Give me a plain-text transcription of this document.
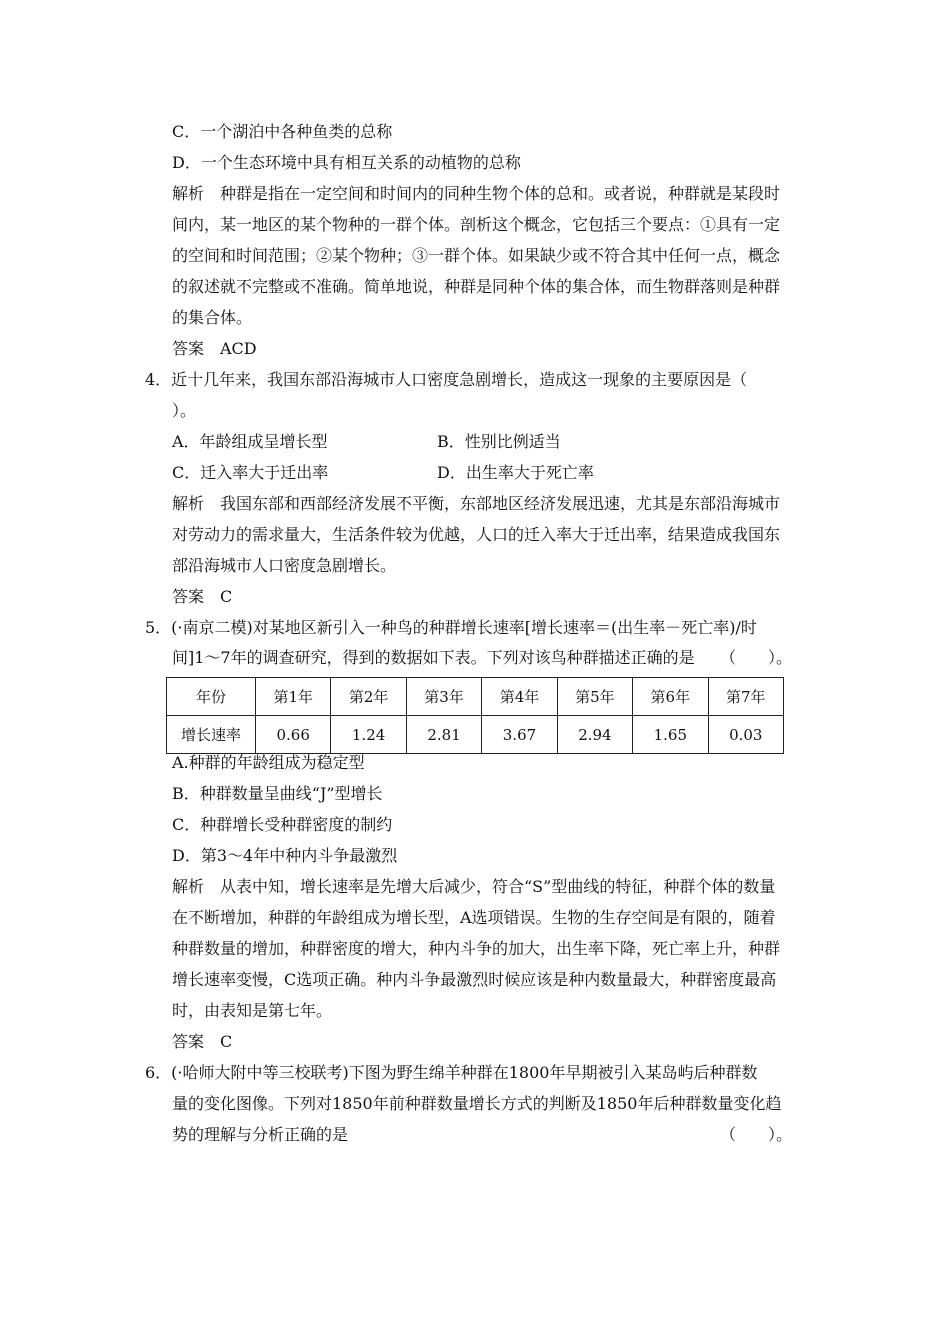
C．一个湖泊中各种鱼类的总称
D．一个生态环境中具有相互关系的动植物的总称
解析　种群是指在一定空间和时间内的同种生物个体的总和。或者说，种群就是某段时
间内，某一地区的某个物种的一群个体。剖析这个概念，它包括三个要点：①具有一定
的空间和时间范围；②某个物种；③一群个体。如果缺少或不符合其中任何一点，概念
的叙述就不完整或不准确。简单地说，种群是同种个体的集合体，而生物群落则是种群
的集合体。
答案　ACD
4．近十几年来，我国东部沿海城市人口密度急剧增长，造成这一现象的主要原因是（
）。
A．年龄组成呈增长型	B．性别比例适当
C．迁入率大于迁出率	D．出生率大于死亡率
解析　我国东部和西部经济发展不平衡，东部地区经济发展迅速，尤其是东部沿海城市
对劳动力的需求量大，生活条件较为优越，人口的迁入率大于迁出率，结果造成我国东
部沿海城市人口密度急剧增长。
答案　C
5．(·南京二模)对某地区新引入一种鸟的种群增长速率[增长速率＝(出生率－死亡率)/时
间]1～7年的调查研究，得到的数据如下表。下列对该鸟种群描述正确的是 （　　）。
年份	第1年	第2年	第3年	第4年	第5年	第6年	第7年
增长速率	0.66	1.24	2.81	3.67	2.94	1.65	0.03
A.种群的年龄组成为稳定型
B．种群数量呈曲线“J”型增长
C．种群增长受种群密度的制约
D．第3～4年中种内斗争最激烈
解析　从表中知，增长速率是先增大后减少，符合“S”型曲线的特征，种群个体的数量
在不断增加，种群的年龄组成为增长型，A选项错误。生物的生存空间是有限的，随着
种群数量的增加，种群密度的增大，种内斗争的加大，出生率下降，死亡率上升，种群
增长速率变慢，C选项正确。种内斗争最激烈时候应该是种内数量最大，种群密度最高
时，由表知是第七年。
答案　C
6．(·哈师大附中等三校联考)下图为野生绵羊种群在1800年早期被引入某岛屿后种群数
量的变化图像。下列对1850年前种群数量增长方式的判断及1850年后种群数量变化趋
势的理解与分析正确的是	（　　）。
